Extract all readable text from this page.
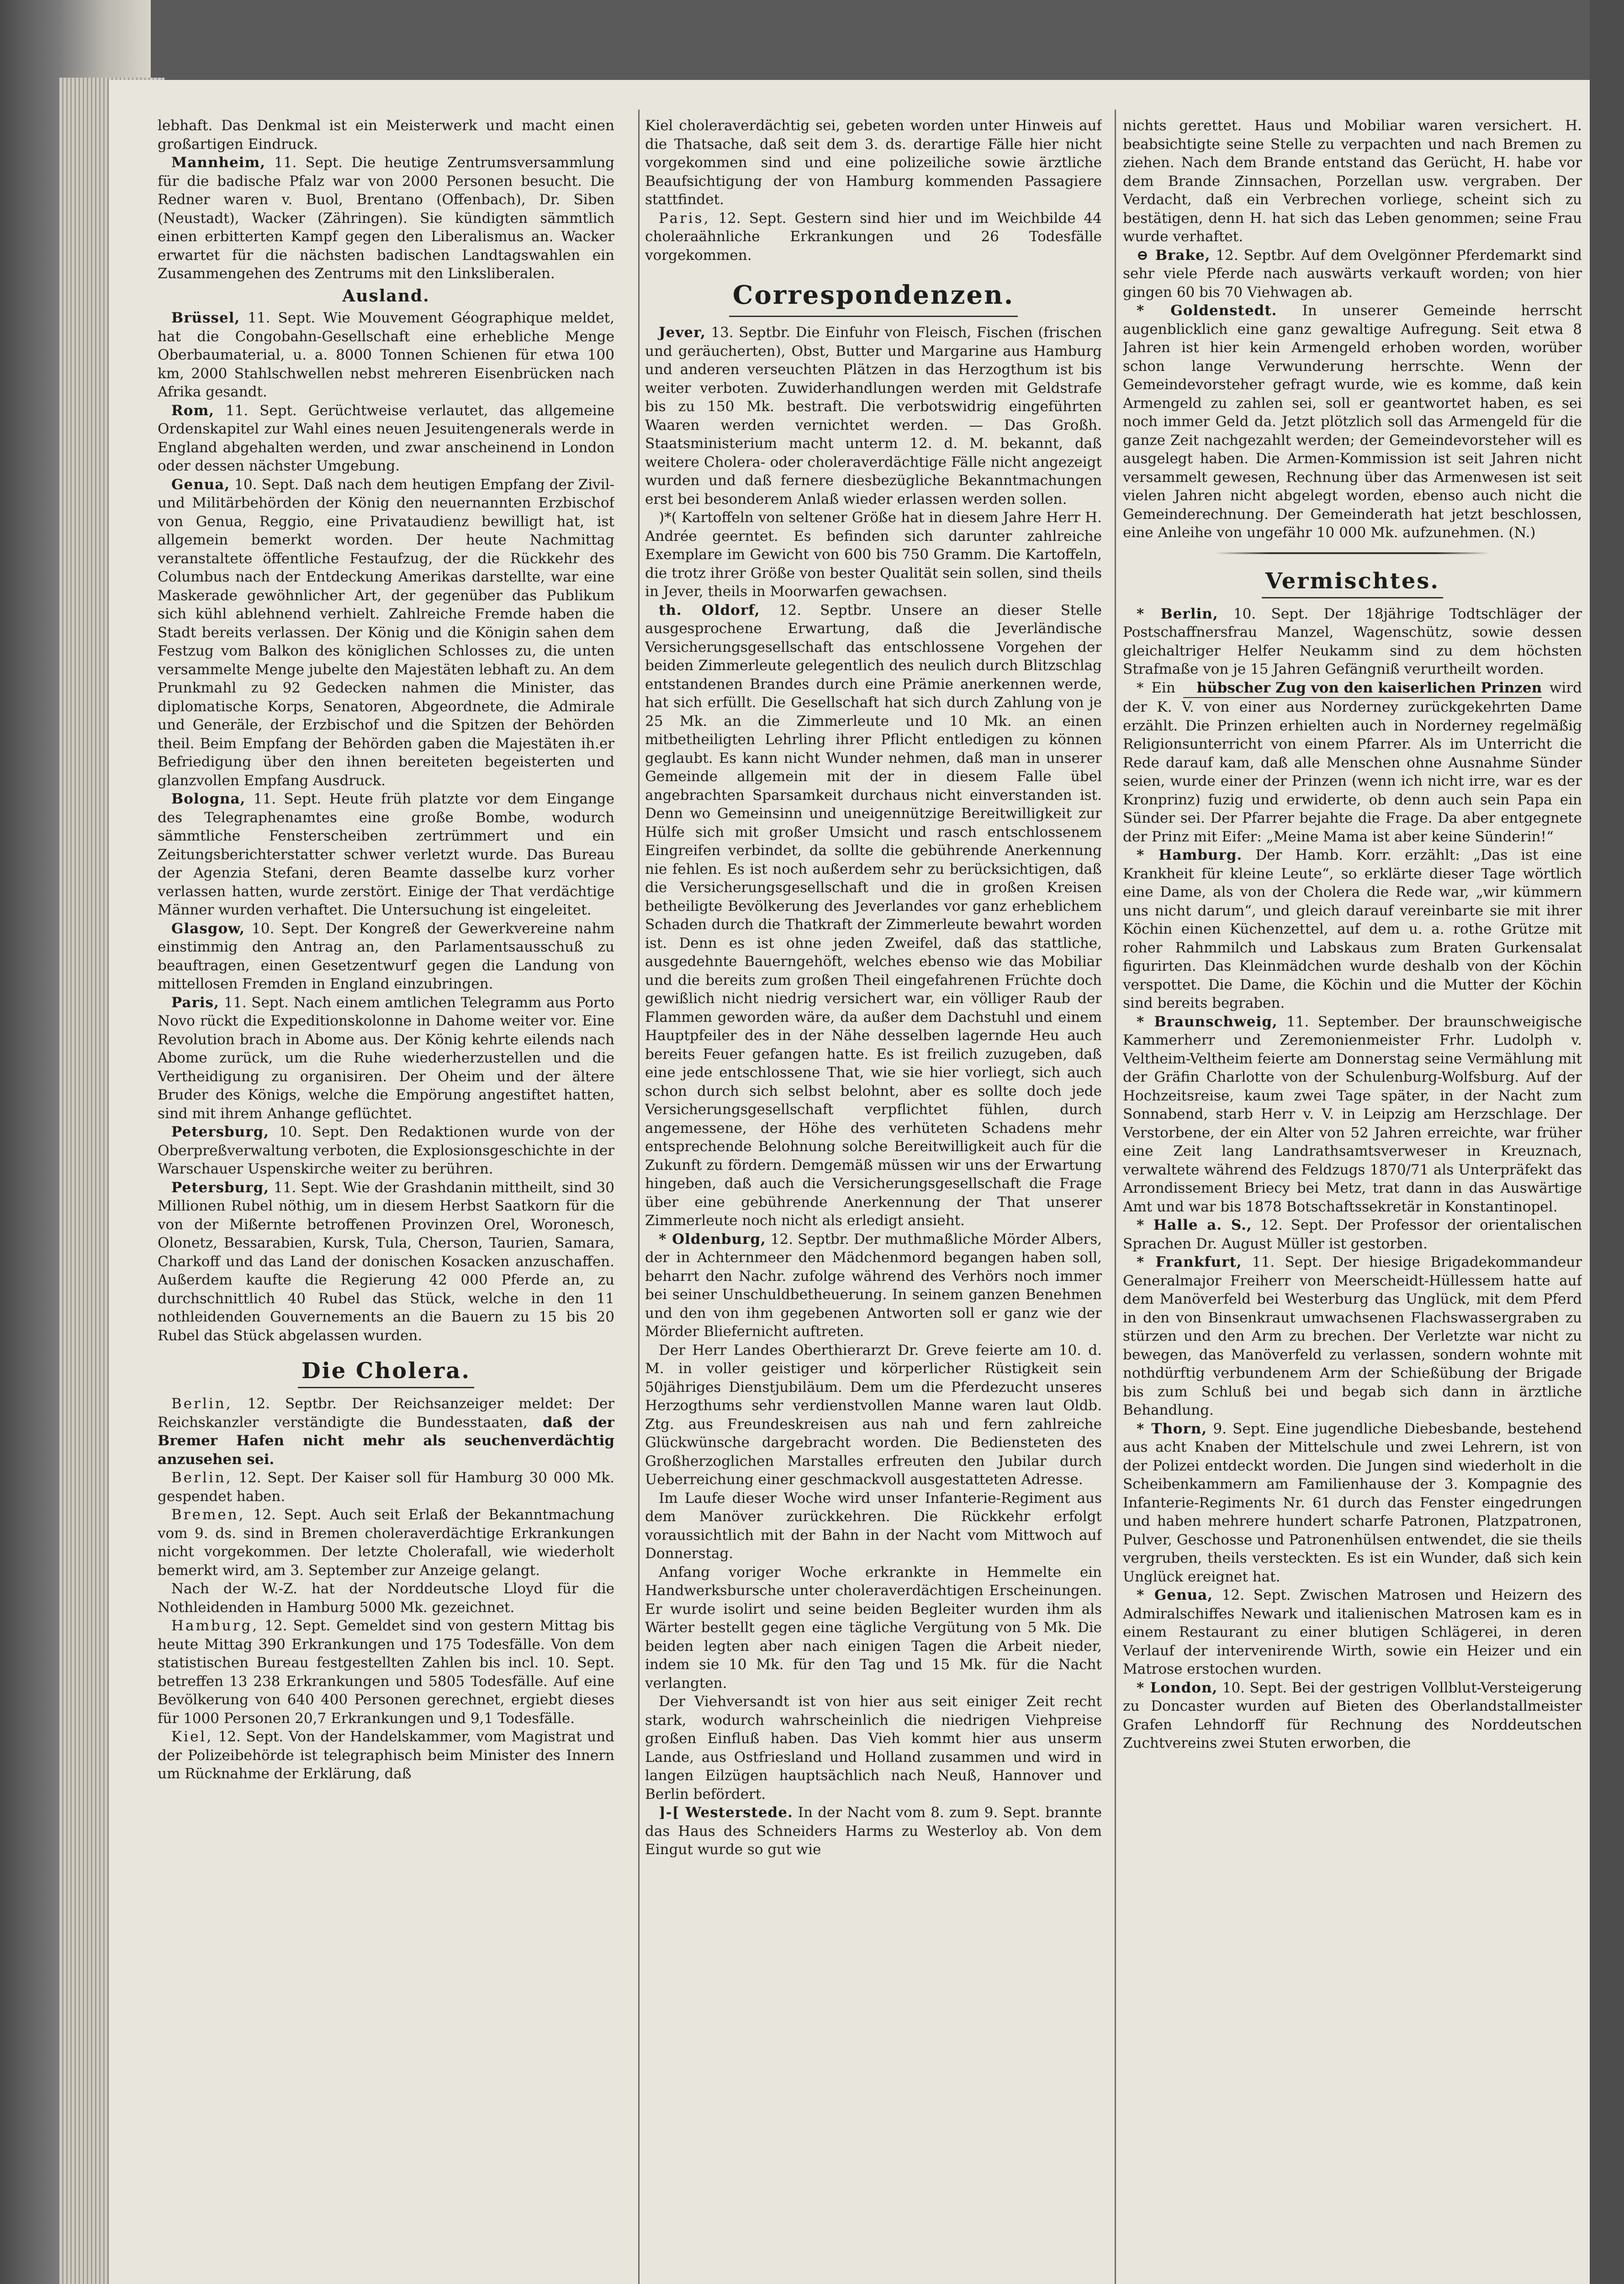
lebhaft. Das Denkmal ist ein Meisterwerk und macht einen großartigen Eindruck.

Mannheim, 11. Sept. Die heutige Zentrumsversammlung für die badische Pfalz war von 2000 Personen besucht. Die Redner waren v. Buol, Brentano (Offenbach), Dr. Siben (Neustadt), Wacker (Zähringen). Sie kündigten sämmtlich einen erbitterten Kampf gegen den Liberalismus an. Wacker erwartet für die nächsten badischen Landtagswahlen ein Zusammengehen des Zentrums mit den Linksliberalen.

Ausland.

Brüssel, 11. Sept. Wie Mouvement Géographique meldet, hat die Congobahn-Gesellschaft eine erhebliche Menge Oberbaumaterial, u. a. 8000 Tonnen Schienen für etwa 100 km, 2000 Stahlschwellen nebst mehreren Eisenbrücken nach Afrika gesandt.

Rom, 11. Sept. Gerüchtweise verlautet, das allgemeine Ordenskapitel zur Wahl eines neuen Jesuitengenerals werde in England abgehalten werden, und zwar anscheinend in London oder dessen nächster Umgebung.

Genua, 10. Sept. Daß nach dem heutigen Empfang der Zivil- und Militärbehörden der König den neuernannten Erzbischof von Genua, Reggio, eine Privataudienz bewilligt hat, ist allgemein bemerkt worden. Der heute Nachmittag veranstaltete öffentliche Festaufzug, der die Rückkehr des Columbus nach der Entdeckung Amerikas darstellte, war eine Maskerade gewöhnlicher Art, der gegenüber das Publikum sich kühl ablehnend verhielt. Zahlreiche Fremde haben die Stadt bereits verlassen. Der König und die Königin sahen dem Festzug vom Balkon des königlichen Schlosses zu, die unten versammelte Menge jubelte den Majestäten lebhaft zu. An dem Prunkmahl zu 92 Gedecken nahmen die Minister, das diplomatische Korps, Senatoren, Abgeordnete, die Admirale und Generäle, der Erzbischof und die Spitzen der Behörden theil. Beim Empfang der Behörden gaben die Majestäten ih.er Befriedigung über den ihnen bereiteten begeisterten und glanzvollen Empfang Ausdruck.

Bologna, 11. Sept. Heute früh platzte vor dem Eingange des Telegraphenamtes eine große Bombe, wodurch sämmtliche Fensterscheiben zertrümmert und ein Zeitungsberichterstatter schwer verletzt wurde. Das Bureau der Agenzia Stefani, deren Beamte dasselbe kurz vorher verlassen hatten, wurde zerstört. Einige der That verdächtige Männer wurden verhaftet. Die Untersuchung ist eingeleitet.

Glasgow, 10. Sept. Der Kongreß der Gewerkvereine nahm einstimmig den Antrag an, den Parlamentsausschuß zu beauftragen, einen Gesetzentwurf gegen die Landung von mittellosen Fremden in England einzubringen.

Paris, 11. Sept. Nach einem amtlichen Telegramm aus Porto Novo rückt die Expeditionskolonne in Dahome weiter vor. Eine Revolution brach in Abome aus. Der König kehrte eilends nach Abome zurück, um die Ruhe wiederherzustellen und die Vertheidigung zu organisiren. Der Oheim und der ältere Bruder des Königs, welche die Empörung angestiftet hatten, sind mit ihrem Anhange geflüchtet.

Petersburg, 10. Sept. Den Redaktionen wurde von der Oberpreßverwaltung verboten, die Explosionsgeschichte in der Warschauer Uspenskirche weiter zu berühren.

Petersburg, 11. Sept. Wie der Grashdanin mittheilt, sind 30 Millionen Rubel nöthig, um in diesem Herbst Saatkorn für die von der Mißernte betroffenen Provinzen Orel, Woronesch, Olonetz, Bessarabien, Kursk, Tula, Cherson, Taurien, Samara, Charkoff und das Land der donischen Kosacken anzuschaffen. Außerdem kaufte die Regierung 42 000 Pferde an, zu durchschnittlich 40 Rubel das Stück, welche in den 11 nothleidenden Gouvernements an die Bauern zu 15 bis 20 Rubel das Stück abgelassen wurden.

Die Cholera.

Berlin, 12. Septbr. Der Reichsanzeiger meldet: Der Reichskanzler verständigte die Bundesstaaten, daß der Bremer Hafen nicht mehr als seuchenverdächtig anzusehen sei.

Berlin, 12. Sept. Der Kaiser soll für Hamburg 30 000 Mk. gespendet haben.

Bremen, 12. Sept. Auch seit Erlaß der Bekanntmachung vom 9. ds. sind in Bremen choleraverdächtige Erkrankungen nicht vorgekommen. Der letzte Cholerafall, wie wiederholt bemerkt wird, am 3. September zur Anzeige gelangt.

Nach der W.-Z. hat der Norddeutsche Lloyd für die Nothleidenden in Hamburg 5000 Mk. gezeichnet.

Hamburg, 12. Sept. Gemeldet sind von gestern Mittag bis heute Mittag 390 Erkrankungen und 175 Todesfälle. Von dem statistischen Bureau festgestellten Zahlen bis incl. 10. Sept. betreffen 13 238 Erkrankungen und 5805 Todesfälle. Auf eine Bevölkerung von 640 400 Personen gerechnet, ergiebt dieses für 1000 Personen 20,7 Erkrankungen und 9,1 Todesfälle.

Kiel, 12. Sept. Von der Handelskammer, vom Magistrat und der Polizeibehörde ist telegraphisch beim Minister des Innern um Rücknahme der Erklärung, daß

Kiel choleraverdächtig sei, gebeten worden unter Hinweis auf die Thatsache, daß seit dem 3. ds. derartige Fälle hier nicht vorgekommen sind und eine polizeiliche sowie ärztliche Beaufsichtigung der von Hamburg kommenden Passagiere stattfindet.

Paris, 12. Sept. Gestern sind hier und im Weichbilde 44 choleraähnliche Erkrankungen und 26 Todesfälle vorgekommen.

Correspondenzen.

Jever, 13. Septbr. Die Einfuhr von Fleisch, Fischen (frischen und geräucherten), Obst, Butter und Margarine aus Hamburg und anderen verseuchten Plätzen in das Herzogthum ist bis weiter verboten. Zuwiderhandlungen werden mit Geldstrafe bis zu 150 Mk. bestraft. Die verbotswidrig eingeführten Waaren werden vernichtet werden. — Das Großh. Staatsministerium macht unterm 12. d. M. bekannt, daß weitere Cholera- oder choleraverdächtige Fälle nicht angezeigt wurden und daß fernere diesbezügliche Bekanntmachungen erst bei besonderem Anlaß wieder erlassen werden sollen.

)*( Kartoffeln von seltener Größe hat in diesem Jahre Herr H. Andrée geerntet. Es befinden sich darunter zahlreiche Exemplare im Gewicht von 600 bis 750 Gramm. Die Kartoffeln, die trotz ihrer Größe von bester Qualität sein sollen, sind theils in Jever, theils in Moorwarfen gewachsen.

th. Oldorf, 12. Septbr. Unsere an dieser Stelle ausgesprochene Erwartung, daß die Jeverländische Versicherungsgesellschaft das entschlossene Vorgehen der beiden Zimmerleute gelegentlich des neulich durch Blitzschlag entstandenen Brandes durch eine Prämie anerkennen werde, hat sich erfüllt. Die Gesellschaft hat sich durch Zahlung von je 25 Mk. an die Zimmerleute und 10 Mk. an einen mitbetheiligten Lehrling ihrer Pflicht entledigen zu können geglaubt. Es kann nicht Wunder nehmen, daß man in unserer Gemeinde allgemein mit der in diesem Falle übel angebrachten Sparsamkeit durchaus nicht einverstanden ist. Denn wo Gemeinsinn und uneigennützige Bereitwilligkeit zur Hülfe sich mit großer Umsicht und rasch entschlossenem Eingreifen verbindet, da sollte die gebührende Anerkennung nie fehlen. Es ist noch außerdem sehr zu berücksichtigen, daß die Versicherungsgesellschaft und die in großen Kreisen betheiligte Bevölkerung des Jeverlandes vor ganz erheblichem Schaden durch die Thatkraft der Zimmerleute bewahrt worden ist. Denn es ist ohne jeden Zweifel, daß das stattliche, ausgedehnte Bauerngehöft, welches ebenso wie das Mobiliar und die bereits zum großen Theil eingefahrenen Früchte doch gewißlich nicht niedrig versichert war, ein völliger Raub der Flammen geworden wäre, da außer dem Dachstuhl und einem Hauptpfeiler des in der Nähe desselben lagernde Heu auch bereits Feuer gefangen hatte. Es ist freilich zuzugeben, daß eine jede entschlossene That, wie sie hier vorliegt, sich auch schon durch sich selbst belohnt, aber es sollte doch jede Versicherungsgesellschaft verpflichtet fühlen, durch angemessene, der Höhe des verhüteten Schadens mehr entsprechende Belohnung solche Bereitwilligkeit auch für die Zukunft zu fördern. Demgemäß müssen wir uns der Erwartung hingeben, daß auch die Versicherungsgesellschaft die Frage über eine gebührende Anerkennung der That unserer Zimmerleute noch nicht als erledigt ansieht.

* Oldenburg, 12. Septbr. Der muthmaßliche Mörder Albers, der in Achternmeer den Mädchenmord begangen haben soll, beharrt den Nachr. zufolge während des Verhörs noch immer bei seiner Unschuldbetheuerung. In seinem ganzen Benehmen und den von ihm gegebenen Antworten soll er ganz wie der Mörder Bliefernicht auftreten.

Der Herr Landes Oberthierarzt Dr. Greve feierte am 10. d. M. in voller geistiger und körperlicher Rüstigkeit sein 50jähriges Dienstjubiläum. Dem um die Pferdezucht unseres Herzogthums sehr verdienstvollen Manne waren laut Oldb. Ztg. aus Freundeskreisen aus nah und fern zahlreiche Glückwünsche dargebracht worden. Die Bediensteten des Großherzoglichen Marstalles erfreuten den Jubilar durch Ueberreichung einer geschmackvoll ausgestatteten Adresse.

Im Laufe dieser Woche wird unser Infanterie-Regiment aus dem Manöver zurückkehren. Die Rückkehr erfolgt voraussichtlich mit der Bahn in der Nacht vom Mittwoch auf Donnerstag.

Anfang voriger Woche erkrankte in Hemmelte ein Handwerksbursche unter choleraverdächtigen Erscheinungen. Er wurde isolirt und seine beiden Begleiter wurden ihm als Wärter bestellt gegen eine tägliche Vergütung von 5 Mk. Die beiden legten aber nach einigen Tagen die Arbeit nieder, indem sie 10 Mk. für den Tag und 15 Mk. für die Nacht verlangten.

Der Viehversandt ist von hier aus seit einiger Zeit recht stark, wodurch wahrscheinlich die niedrigen Viehpreise großen Einfluß haben. Das Vieh kommt hier aus unserm Lande, aus Ostfriesland und Holland zusammen und wird in langen Eilzügen hauptsächlich nach Neuß, Hannover und Berlin befördert.

]-[ Westerstede. In der Nacht vom 8. zum 9. Sept. brannte das Haus des Schneiders Harms zu Westerloy ab. Von dem Eingut wurde so gut wie

nichts gerettet. Haus und Mobiliar waren versichert. H. beabsichtigte seine Stelle zu verpachten und nach Bremen zu ziehen. Nach dem Brande entstand das Gerücht, H. habe vor dem Brande Zinnsachen, Porzellan usw. vergraben. Der Verdacht, daß ein Verbrechen vorliege, scheint sich zu bestätigen, denn H. hat sich das Leben genommen; seine Frau wurde verhaftet.

⊖ Brake, 12. Septbr. Auf dem Ovelgönner Pferdemarkt sind sehr viele Pferde nach auswärts verkauft worden; von hier gingen 60 bis 70 Viehwagen ab.

* Goldenstedt. In unserer Gemeinde herrscht augenblicklich eine ganz gewaltige Aufregung. Seit etwa 8 Jahren ist hier kein Armengeld erhoben worden, worüber schon lange Verwunderung herrschte. Wenn der Gemeindevorsteher gefragt wurde, wie es komme, daß kein Armengeld zu zahlen sei, soll er geantwortet haben, es sei noch immer Geld da. Jetzt plötzlich soll das Armengeld für die ganze Zeit nachgezahlt werden; der Gemeindevorsteher will es ausgelegt haben. Die Armen-Kommission ist seit Jahren nicht versammelt gewesen, Rechnung über das Armenwesen ist seit vielen Jahren nicht abgelegt worden, ebenso auch nicht die Gemeinderechnung. Der Gemeinderath hat jetzt beschlossen, eine Anleihe von ungefähr 10 000 Mk. aufzunehmen. (N.)

Vermischtes.

* Berlin, 10. Sept. Der 18jährige Todtschläger der Postschaffnersfrau Manzel, Wagenschütz, sowie dessen gleichaltriger Helfer Neukamm sind zu dem höchsten Strafmaße von je 15 Jahren Gefängniß verurtheilt worden.

* Ein hübscher Zug von den kaiserlichen Prinzen wird der K. V. von einer aus Norderney zurückgekehrten Dame erzählt. Die Prinzen erhielten auch in Norderney regelmäßig Religionsunterricht von einem Pfarrer. Als im Unterricht die Rede darauf kam, daß alle Menschen ohne Ausnahme Sünder seien, wurde einer der Prinzen (wenn ich nicht irre, war es der Kronprinz) fuzig und erwiderte, ob denn auch sein Papa ein Sünder sei. Der Pfarrer bejahte die Frage. Da aber entgegnete der Prinz mit Eifer: „Meine Mama ist aber keine Sünderin!“

* Hamburg. Der Hamb. Korr. erzählt: „Das ist eine Krankheit für kleine Leute“, so erklärte dieser Tage wörtlich eine Dame, als von der Cholera die Rede war, „wir kümmern uns nicht darum“, und gleich darauf vereinbarte sie mit ihrer Köchin einen Küchenzettel, auf dem u. a. rothe Grütze mit roher Rahmmilch und Labskaus zum Braten Gurkensalat figurirten. Das Kleinmädchen wurde deshalb von der Köchin verspottet. Die Dame, die Köchin und die Mutter der Köchin sind bereits begraben.

* Braunschweig, 11. September. Der braunschweigische Kammerherr und Zeremonienmeister Frhr. Ludolph v. Veltheim-Veltheim feierte am Donnerstag seine Vermählung mit der Gräfin Charlotte von der Schulenburg-Wolfsburg. Auf der Hochzeitsreise, kaum zwei Tage später, in der Nacht zum Sonnabend, starb Herr v. V. in Leipzig am Herzschlage. Der Verstorbene, der ein Alter von 52 Jahren erreichte, war früher eine Zeit lang Landrathsamtsverweser in Kreuznach, verwaltete während des Feldzugs 1870/71 als Unterpräfekt das Arrondissement Briecy bei Metz, trat dann in das Auswärtige Amt und war bis 1878 Botschaftssekretär in Konstantinopel.

* Halle a. S., 12. Sept. Der Professor der orientalischen Sprachen Dr. August Müller ist gestorben.

* Frankfurt, 11. Sept. Der hiesige Brigadekommandeur Generalmajor Freiherr von Meerscheidt-Hüllessem hatte auf dem Manöverfeld bei Westerburg das Unglück, mit dem Pferd in den von Binsenkraut umwachsenen Flachswassergraben zu stürzen und den Arm zu brechen. Der Verletzte war nicht zu bewegen, das Manöverfeld zu verlassen, sondern wohnte mit nothdürftig verbundenem Arm der Schießübung der Brigade bis zum Schluß bei und begab sich dann in ärztliche Behandlung.

* Thorn, 9. Sept. Eine jugendliche Diebesbande, bestehend aus acht Knaben der Mittelschule und zwei Lehrern, ist von der Polizei entdeckt worden. Die Jungen sind wiederholt in die Scheibenkammern am Familienhause der 3. Kompagnie des Infanterie-Regiments Nr. 61 durch das Fenster eingedrungen und haben mehrere hundert scharfe Patronen, Platzpatronen, Pulver, Geschosse und Patronenhülsen entwendet, die sie theils vergruben, theils versteckten. Es ist ein Wunder, daß sich kein Unglück ereignet hat.

* Genua, 12. Sept. Zwischen Matrosen und Heizern des Admiralschiffes Newark und italienischen Matrosen kam es in einem Restaurant zu einer blutigen Schlägerei, in deren Verlauf der intervenirende Wirth, sowie ein Heizer und ein Matrose erstochen wurden.

* London, 10. Sept. Bei der gestrigen Vollblut-Versteigerung zu Doncaster wurden auf Bieten des Oberlandstallmeister Grafen Lehndorff für Rechnung des Norddeutschen Zuchtvereins zwei Stuten erworben, die
